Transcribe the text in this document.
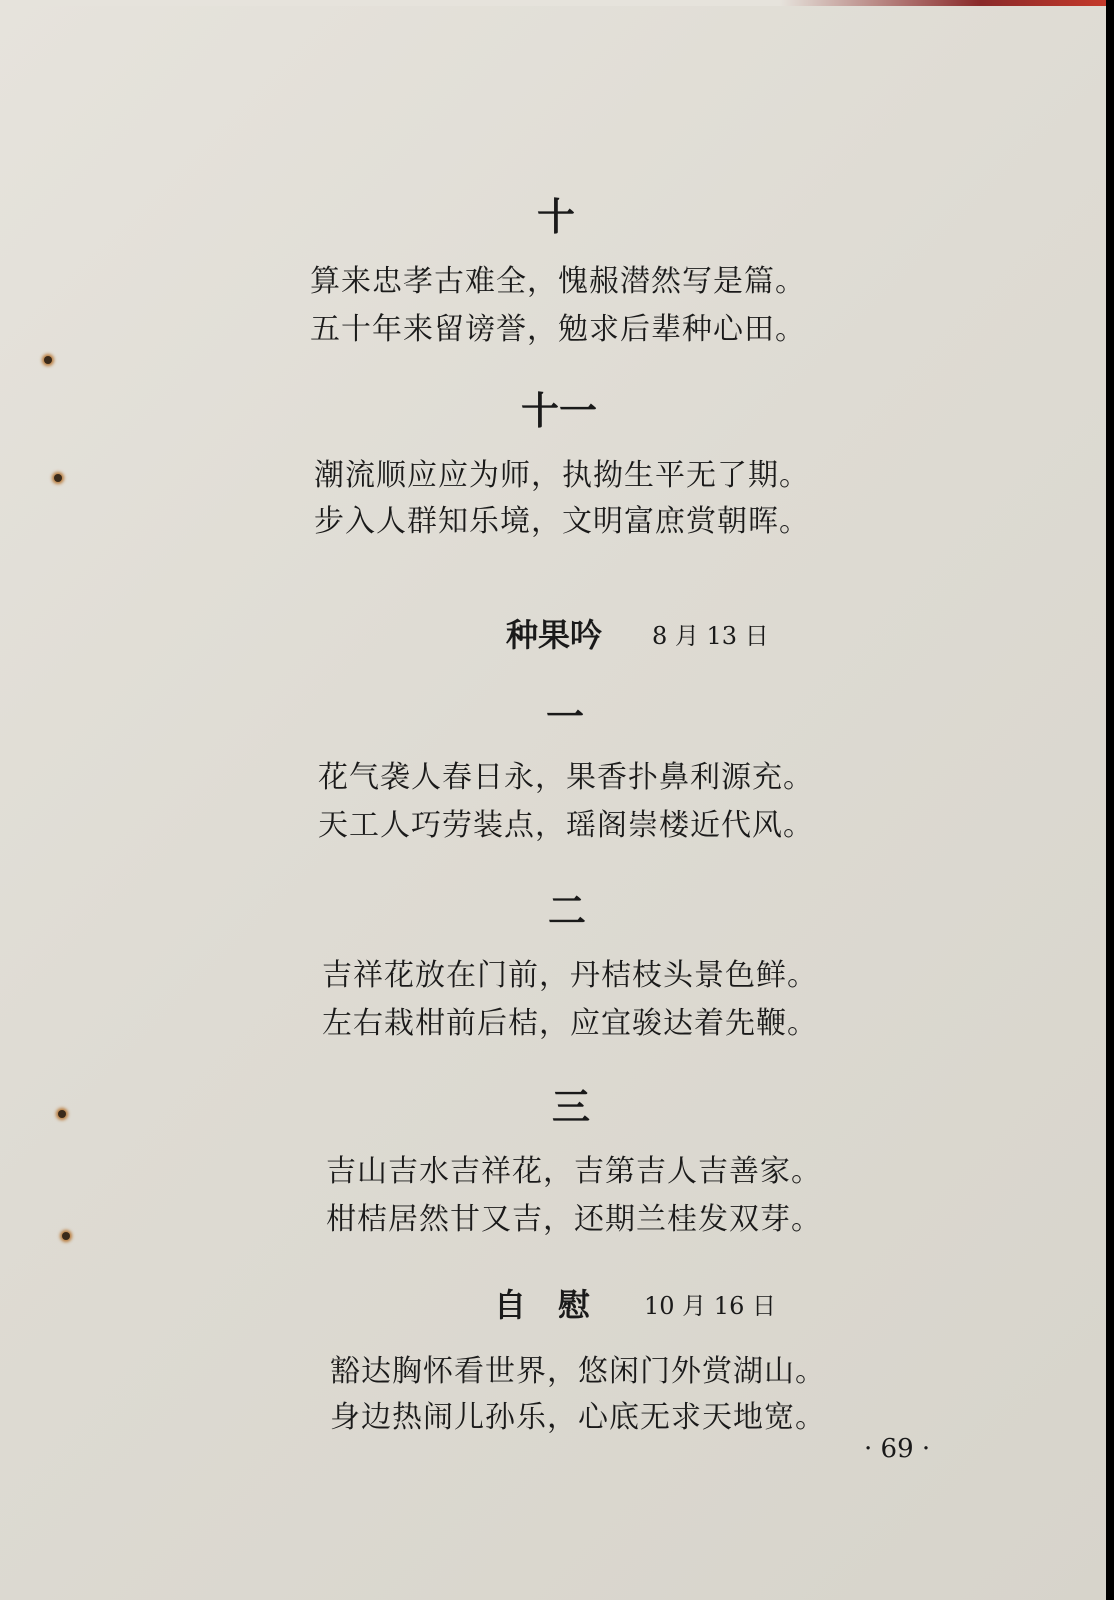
十
算来忠孝古难全，愧赧潜然写是篇。
五十年来留谤誉，勉求后辈种心田。
十一
潮流顺应应为师，执拗生平无了期。
步入人群知乐境，文明富庶赏朝晖。
种果吟 8 月 13 日
一
花气袭人春日永，果香扑鼻利源充。
天工人巧劳装点，瑶阁崇楼近代风。
二
吉祥花放在门前，丹桔枝头景色鲜。
左右栽柑前后桔，应宜骏达着先鞭。
三
吉山吉水吉祥花，吉第吉人吉善家。
柑桔居然甘又吉，还期兰桂发双芽。
自　慰 10 月 16 日
豁达胸怀看世界，悠闲门外赏湖山。
身边热闹儿孙乐，心底无求天地宽。
· 69 ·
